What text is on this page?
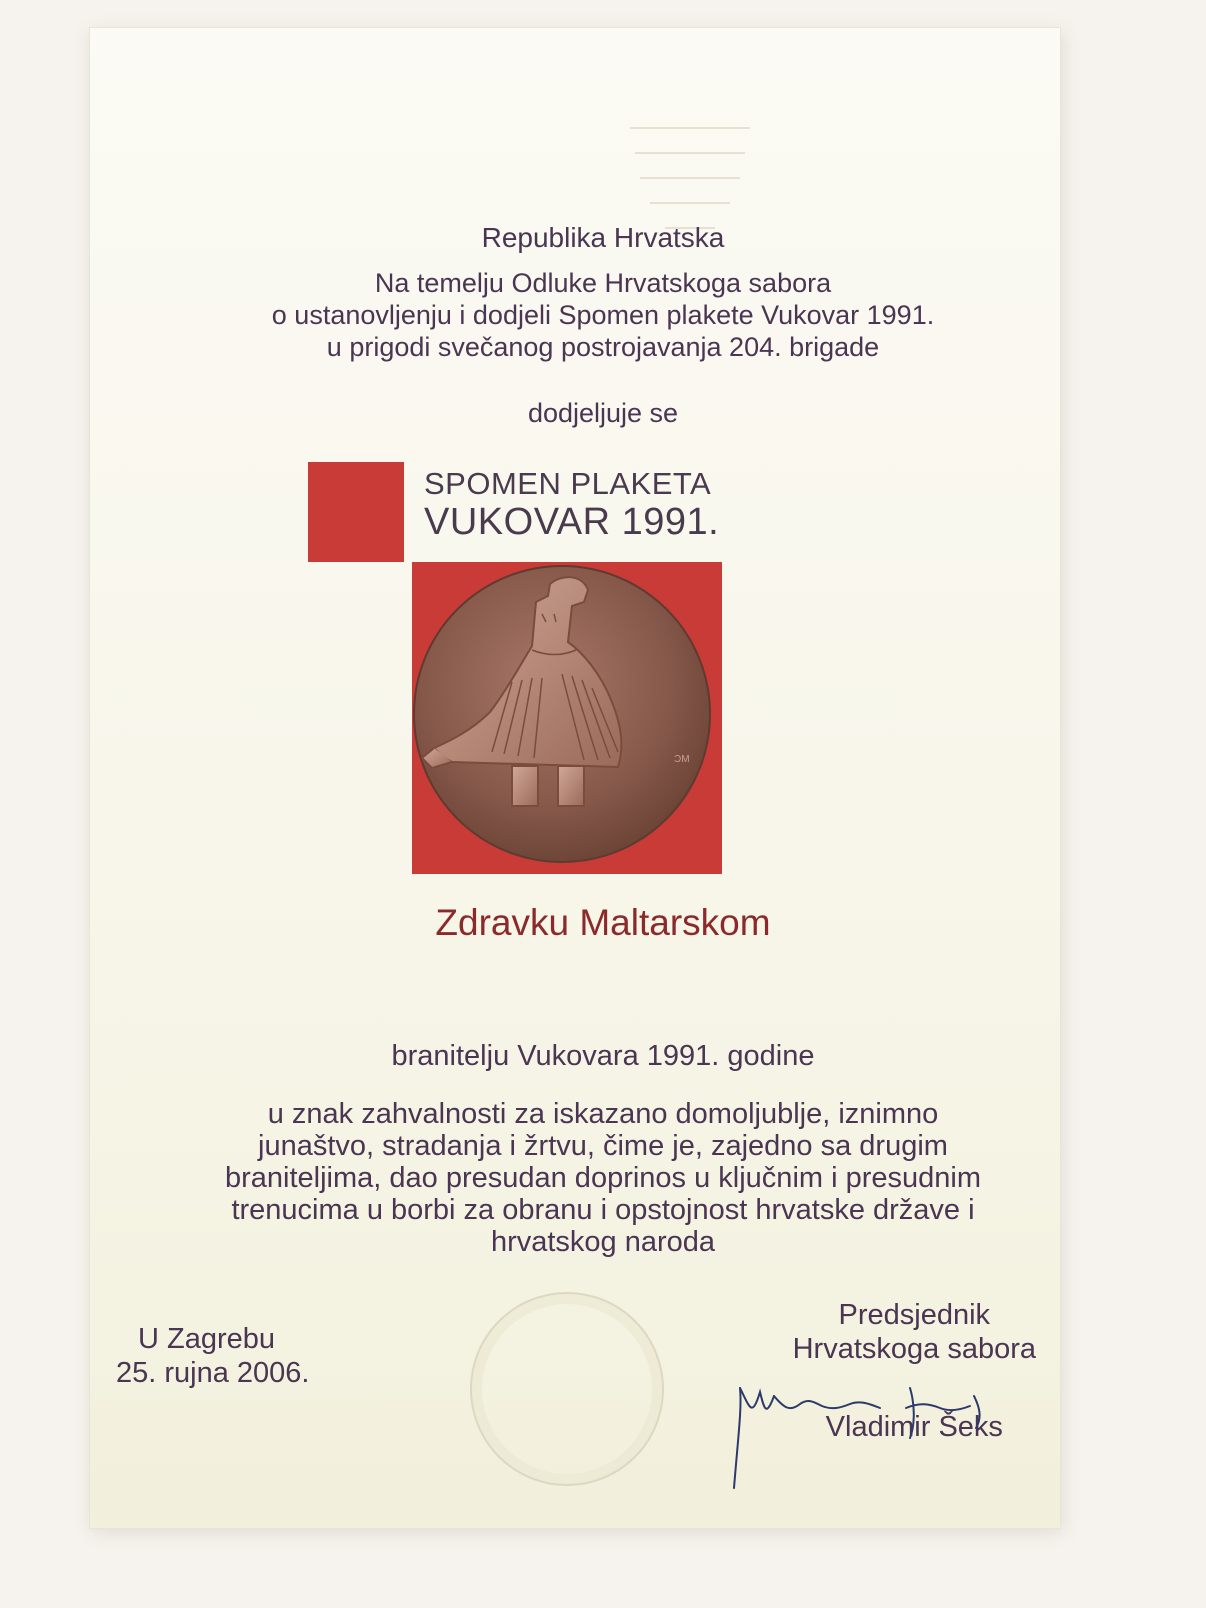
Republika Hrvatska
Na temelju Odluke Hrvatskoga sabora
o ustanovljenju i dodjeli Spomen plakete Vukovar 1991.
u prigodi svečanog postrojavanja 204. brigade
dodjeljuje se
SPOMEN PLAKETA
VUKOVAR 1991.
ƆM
Zdravku Maltarskom
branitelju Vukovara 1991. godine
u znak zahvalnosti za iskazano domoljublje, iznimno
junaštvo, stradanja i žrtvu, čime je, zajedno sa drugim
braniteljima, dao presudan doprinos u ključnim i presudnim
trenucima u borbi za obranu i opstojnost hrvatske države i
hrvatskog naroda
U Zagrebu
25. rujna 2006.
Predsjednik
Hrvatskoga sabora
Vladimir Šeks
